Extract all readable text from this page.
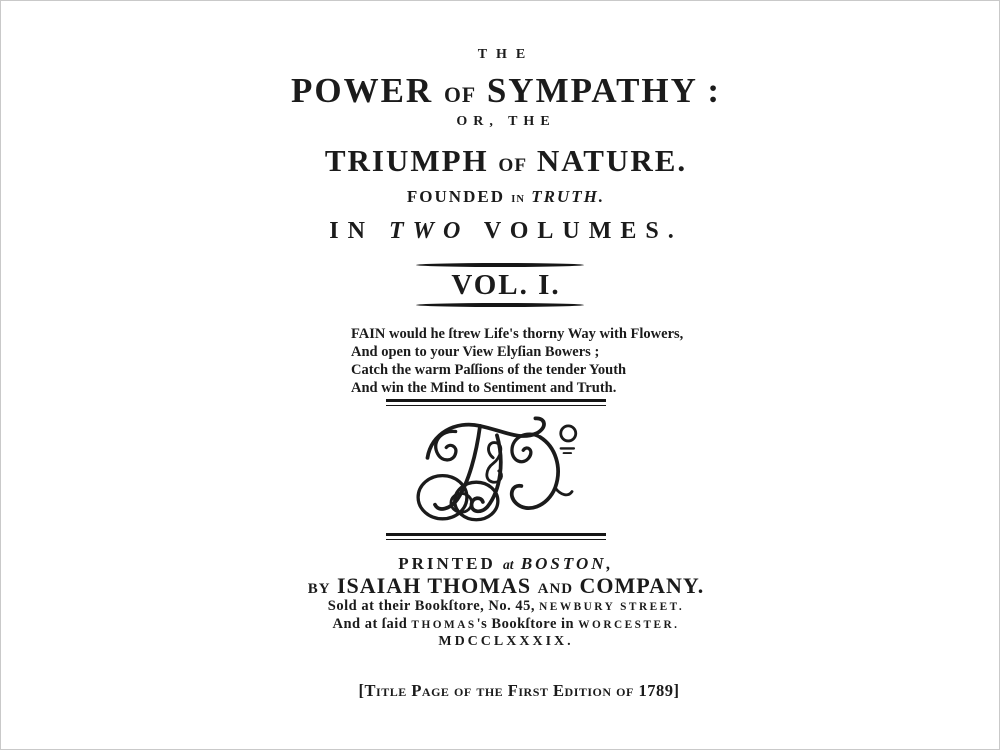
THE
POWER OF SYMPATHY :
OR, THE
TRIUMPH OF NATURE.
FOUNDED IN TRUTH.
IN TWO VOLUMES.
VOL. I.
FAIN would he ſtrew Life's thorny Way with Flowers,
And open to your View Elyſian Bowers ;
Catch the warm Paſſions of the tender Youth
And win the Mind to Sentiment and Truth.
PRINTED at BOSTON,
BY ISAIAH THOMAS AND COMPANY.
Sold at their Bookſtore, No. 45, NEWBURY STREET.
And at ſaid THOMAS's Bookſtore in WORCESTER.
MDCCLXXXIX.
[Title Page of the First Edition of 1789]
